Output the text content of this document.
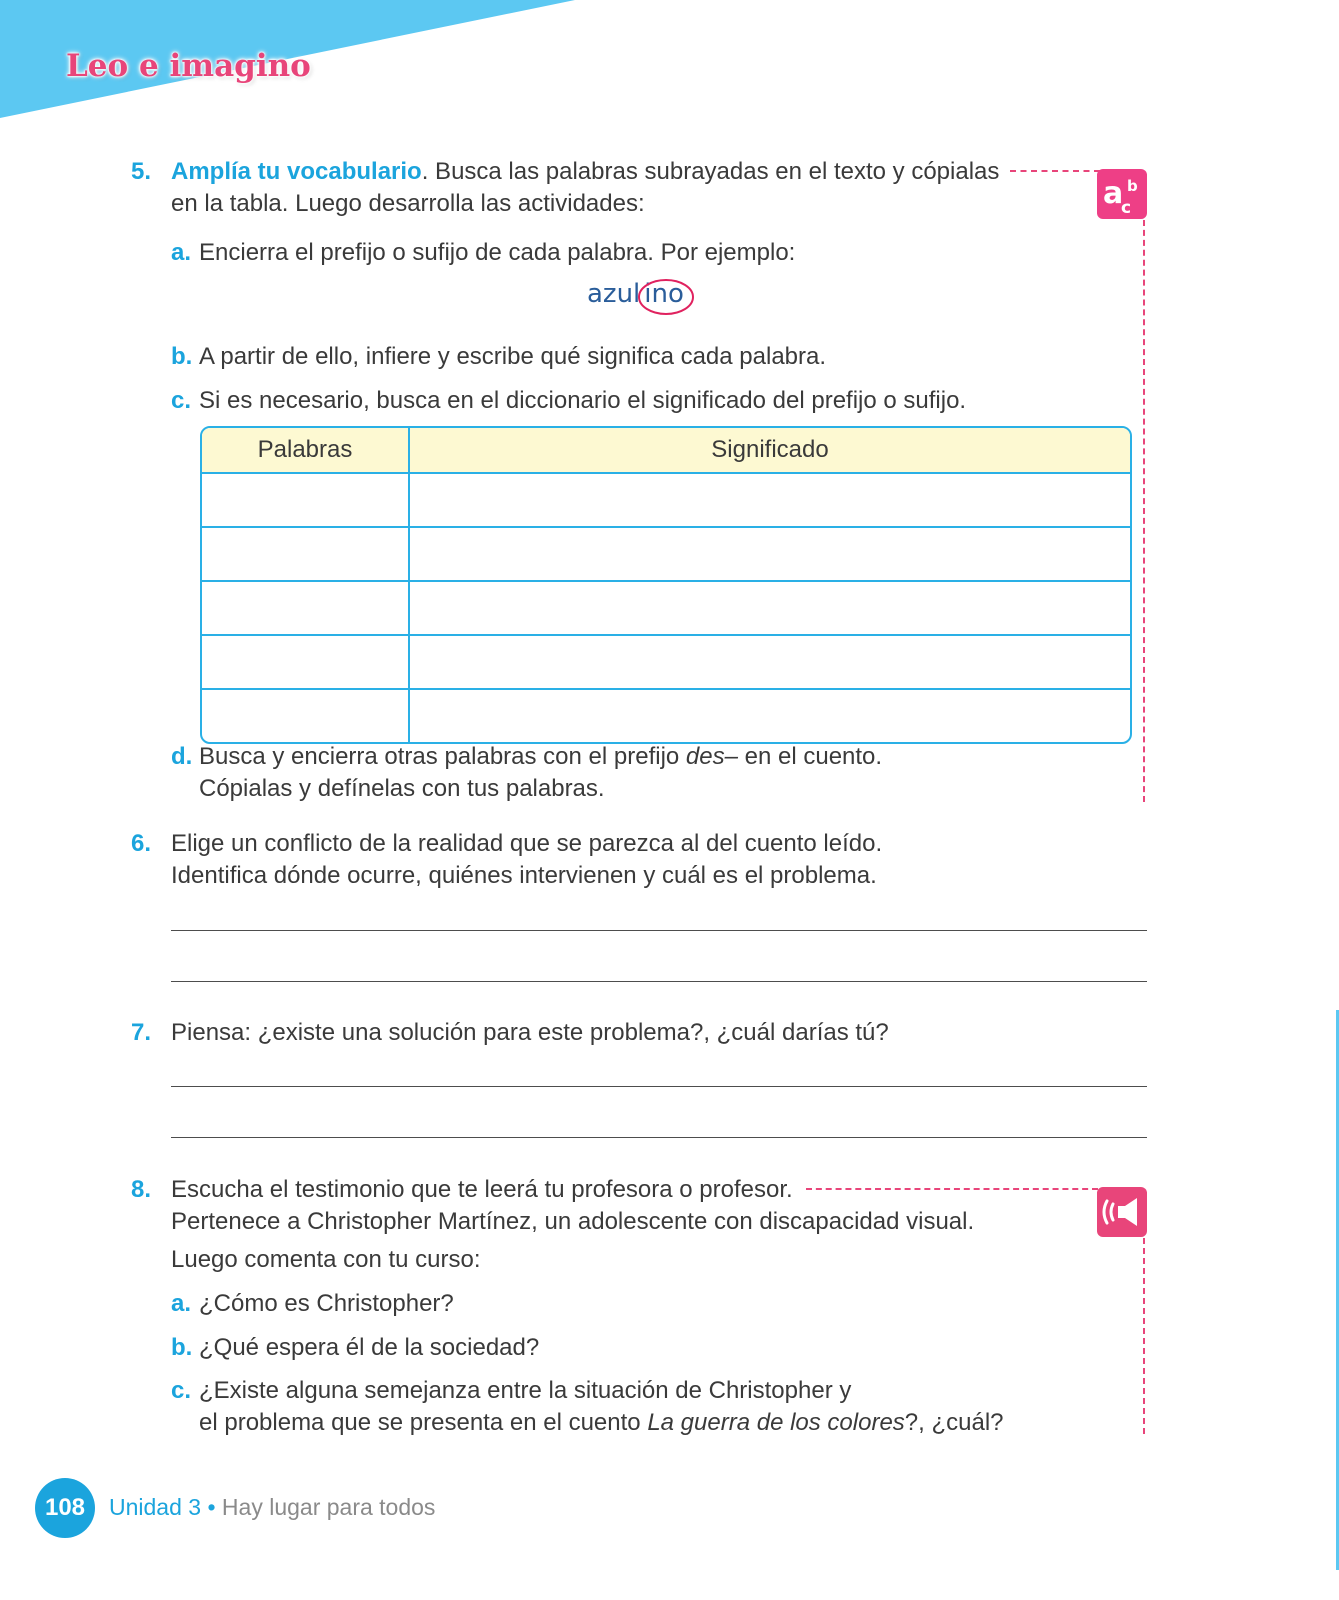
Leo e imagino
5. Amplía tu vocabulario. Busca las palabras subrayadas en el texto y cópialas
en la tabla. Luego desarrolla las actividades:	a b
c
a. Encierra el prefijo o sufijo de cada palabra. Por ejemplo:
azul ino
b. A partir de ello, infiere y escribe qué significa cada palabra.
c. Si es necesario, busca en el diccionario el significado del prefijo o sufijo.
Palabras	Significado

d. Busca y encierra otras palabras con el prefijo des– en el cuento.
Cópialas y defínelas con tus palabras.
6. Elige un conflicto de la realidad que se parezca al del cuento leído.
Identifica dónde ocurre, quiénes intervienen y cuál es el problema.
7. Piensa: ¿existe una solución para este problema?, ¿cuál darías tú?
8. Escucha el testimonio que te leerá tu profesora o profesor.
Pertenece a Christopher Martínez, un adolescente con discapacidad visual.
Luego comenta con tu curso:
a. ¿Cómo es Christopher?
b. ¿Qué espera él de la sociedad?
c. ¿Existe alguna semejanza entre la situación de Christopher y
el problema que se presenta en el cuento La guerra de los colores?, ¿cuál?
108	Unidad 3 • Hay lugar para todos
